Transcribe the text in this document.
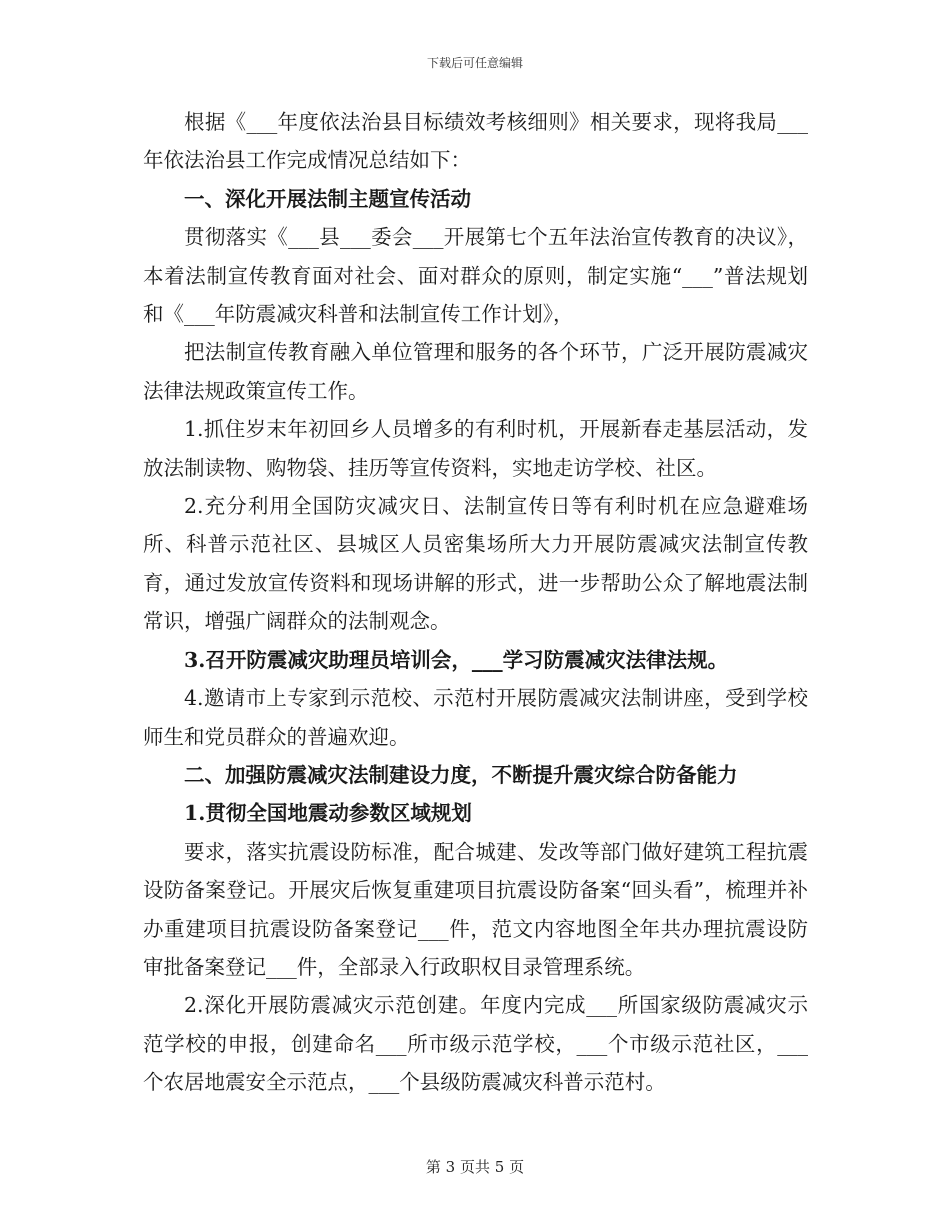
下载后可任意编辑

根据《___年度依法治县目标绩效考核细则》相关要求，现将我局___年依法治县工作完成情况总结如下：

一、深化开展法制主题宣传活动

贯彻落实《___县___委会___开展第七个五年法治宣传教育的决议》，本着法制宣传教育面对社会、面对群众的原则，制定实施“___”普法规划和《___年防震减灾科普和法制宣传工作计划》，

把法制宣传教育融入单位管理和服务的各个环节，广泛开展防震减灾法律法规政策宣传工作。

1.抓住岁末年初回乡人员增多的有利时机，开展新春走基层活动，发放法制读物、购物袋、挂历等宣传资料，实地走访学校、社区。

2.充分利用全国防灾减灾日、法制宣传日等有利时机在应急避难场所、科普示范社区、县城区人员密集场所大力开展防震减灾法制宣传教育，通过发放宣传资料和现场讲解的形式，进一步帮助公众了解地震法制常识，增强广阔群众的法制观念。

3.召开防震减灾助理员培训会，___学习防震减灾法律法规。

4.邀请市上专家到示范校、示范村开展防震减灾法制讲座，受到学校师生和党员群众的普遍欢迎。

二、加强防震减灾法制建设力度，不断提升震灾综合防备能力

1.贯彻全国地震动参数区域规划

要求，落实抗震设防标准，配合城建、发改等部门做好建筑工程抗震设防备案登记。开展灾后恢复重建项目抗震设防备案“回头看”，梳理并补办重建项目抗震设防备案登记___件，范文内容地图全年共办理抗震设防审批备案登记___件，全部录入行政职权目录管理系统。

2.深化开展防震减灾示范创建。年度内完成___所国家级防震减灾示范学校的申报，创建命名___所市级示范学校，___个市级示范社区，___个农居地震安全示范点，___个县级防震减灾科普示范村。

第 3 页共 5 页
